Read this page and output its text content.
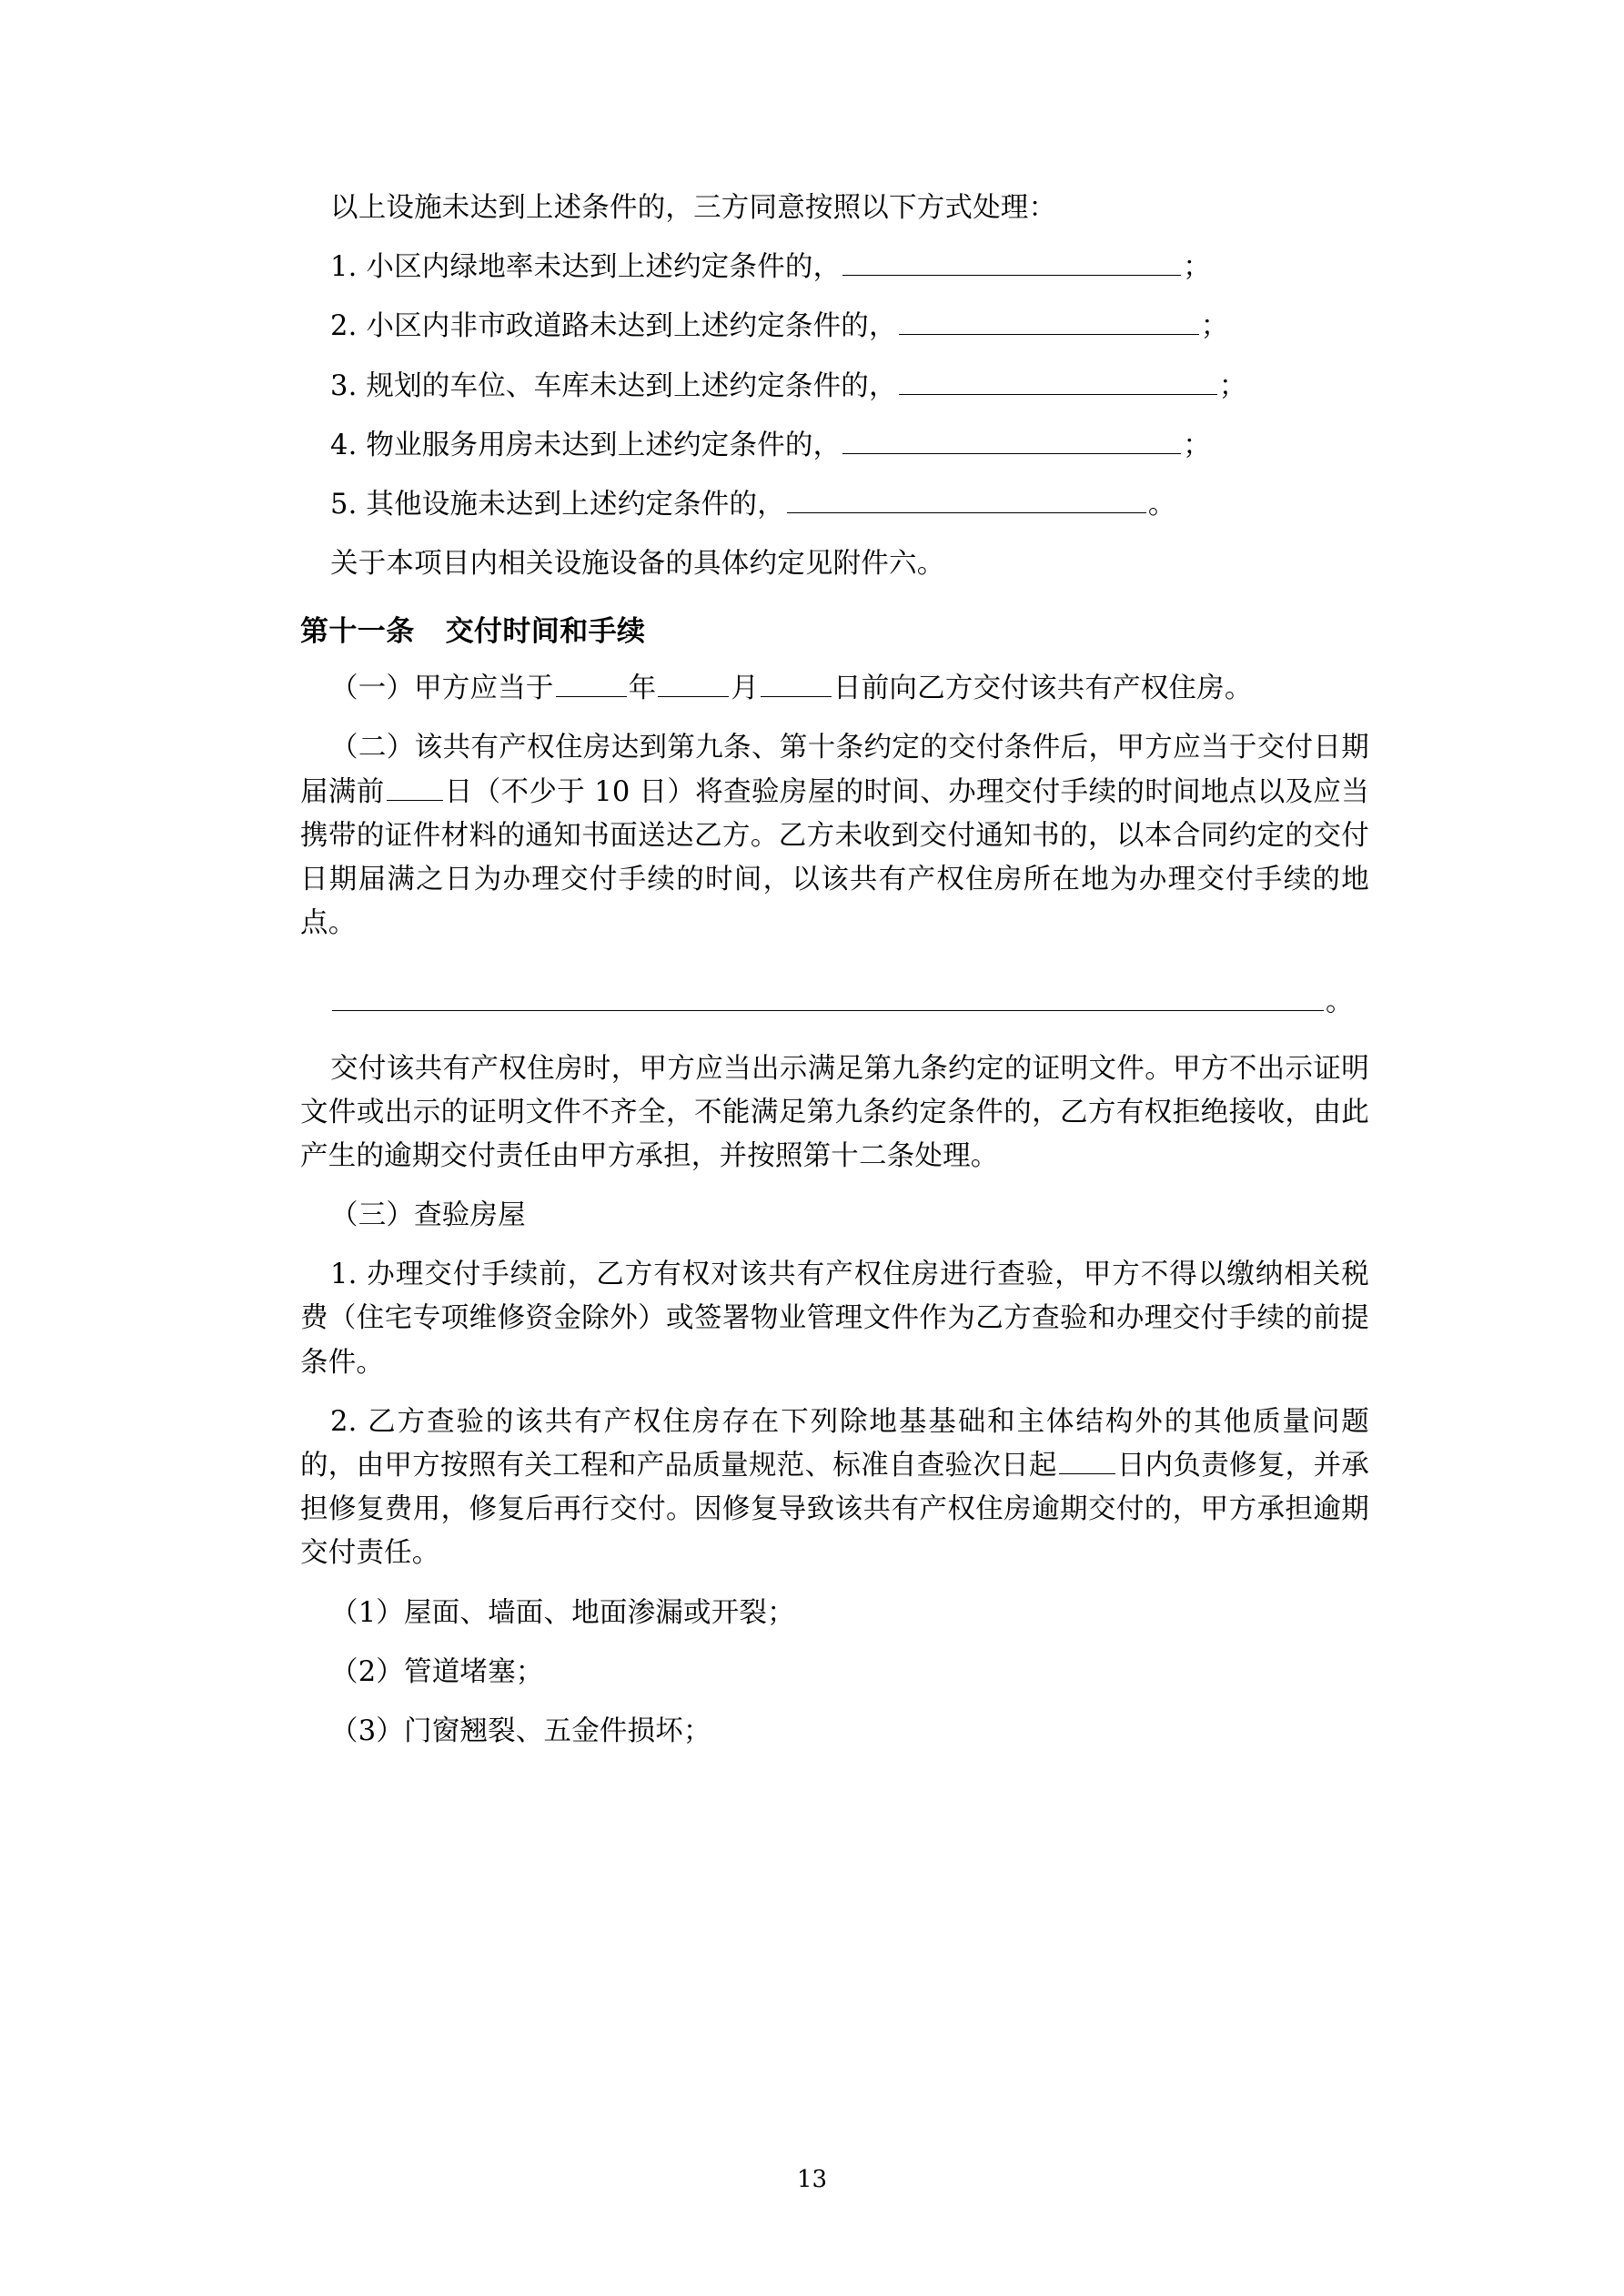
以上设施未达到上述条件的，三方同意按照以下方式处理：

1. 小区内绿地率未达到上述约定条件的，	；

2. 小区内非市政道路未达到上述约定条件的，	；

3. 规划的车位、车库未达到上述约定条件的，	；

4. 物业服务用房未达到上述约定条件的，	；

5. 其他设施未达到上述约定条件的，	。

关于本项目内相关设施设备的具体约定见附件六。

第十一条 交付时间和手续

（一）甲方应当于	年	月	日前向乙方交付该共有产权住房。

（二）该共有产权住房达到第九条、第十条约定的交付条件后，甲方应当于交付日期届满前 日（不少于 10 日）将查验房屋的时间、办理交付手续的时间地点以及应当携带的证件材料的通知书面送达乙方。乙方未收到交付通知书的，以本合同约定的交付日期届满之日为办理交付手续的时间，以该共有产权住房所在地为办理交付手续的地点。

。

交付该共有产权住房时，甲方应当出示满足第九条约定的证明文件。甲方不出示证明文件或出示的证明文件不齐全，不能满足第九条约定条件的，乙方有权拒绝接收，由此产生的逾期交付责任由甲方承担，并按照第十二条处理。

（三）查验房屋

1. 办理交付手续前，乙方有权对该共有产权住房进行查验，甲方不得以缴纳相关税费（住宅专项维修资金除外）或签署物业管理文件作为乙方查验和办理交付手续的前提条件。

2. 乙方查验的该共有产权住房存在下列除地基基础和主体结构外的其他质量问题的，由甲方按照有关工程和产品质量规范、标准自查验次日起 日内负责修复，并承担修复费用，修复后再行交付。因修复导致该共有产权住房逾期交付的，甲方承担逾期交付责任。

（1）屋面、墙面、地面渗漏或开裂；

（2）管道堵塞；

（3）门窗翘裂、五金件损坏；

13
